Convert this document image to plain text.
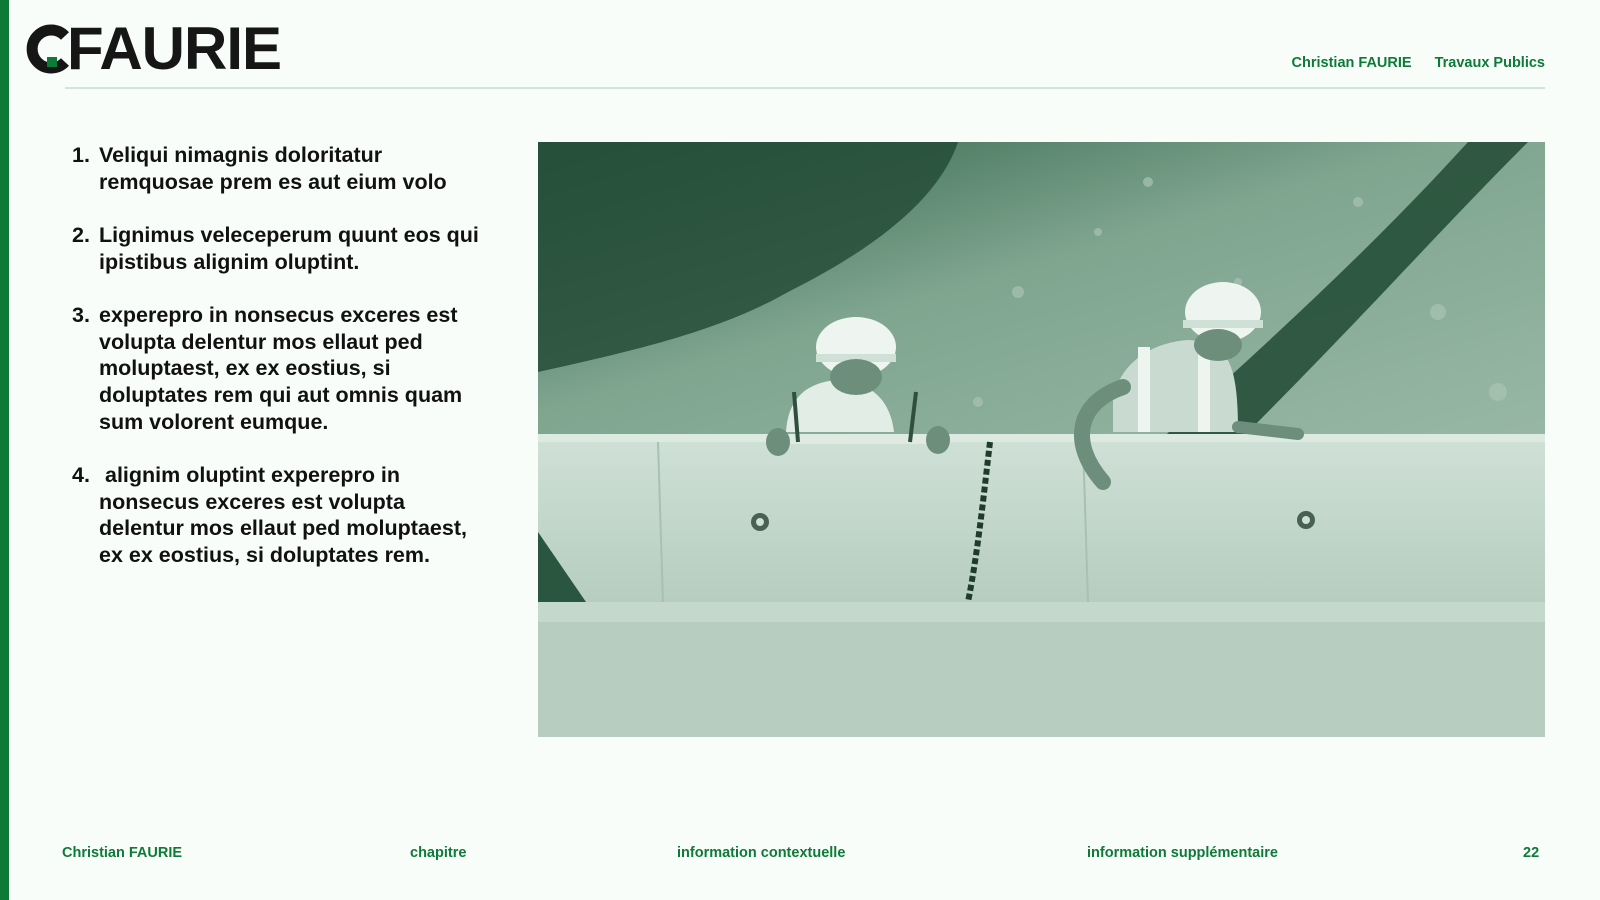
FAURIE	Christian FAURIE Travaux Publics
1. Veliqui nimagnis doloritatur remquosae prem es aut eium volo
2. Lignimus veleceperum quunt eos qui ipistibus alignim oluptint.
3. experepro in nonsecus exceres est volupta delentur mos ellaut ped moluptaest, ex ex eostius, si doluptates rem qui aut omnis quam sum volorent eumque.
4. alignim oluptint experepro in nonsecus exceres est volupta delentur mos ellaut ped moluptaest, ex ex eostius, si doluptates rem.
Christian FAURIE	chapitre	information contextuelle	information supplémentaire	22
